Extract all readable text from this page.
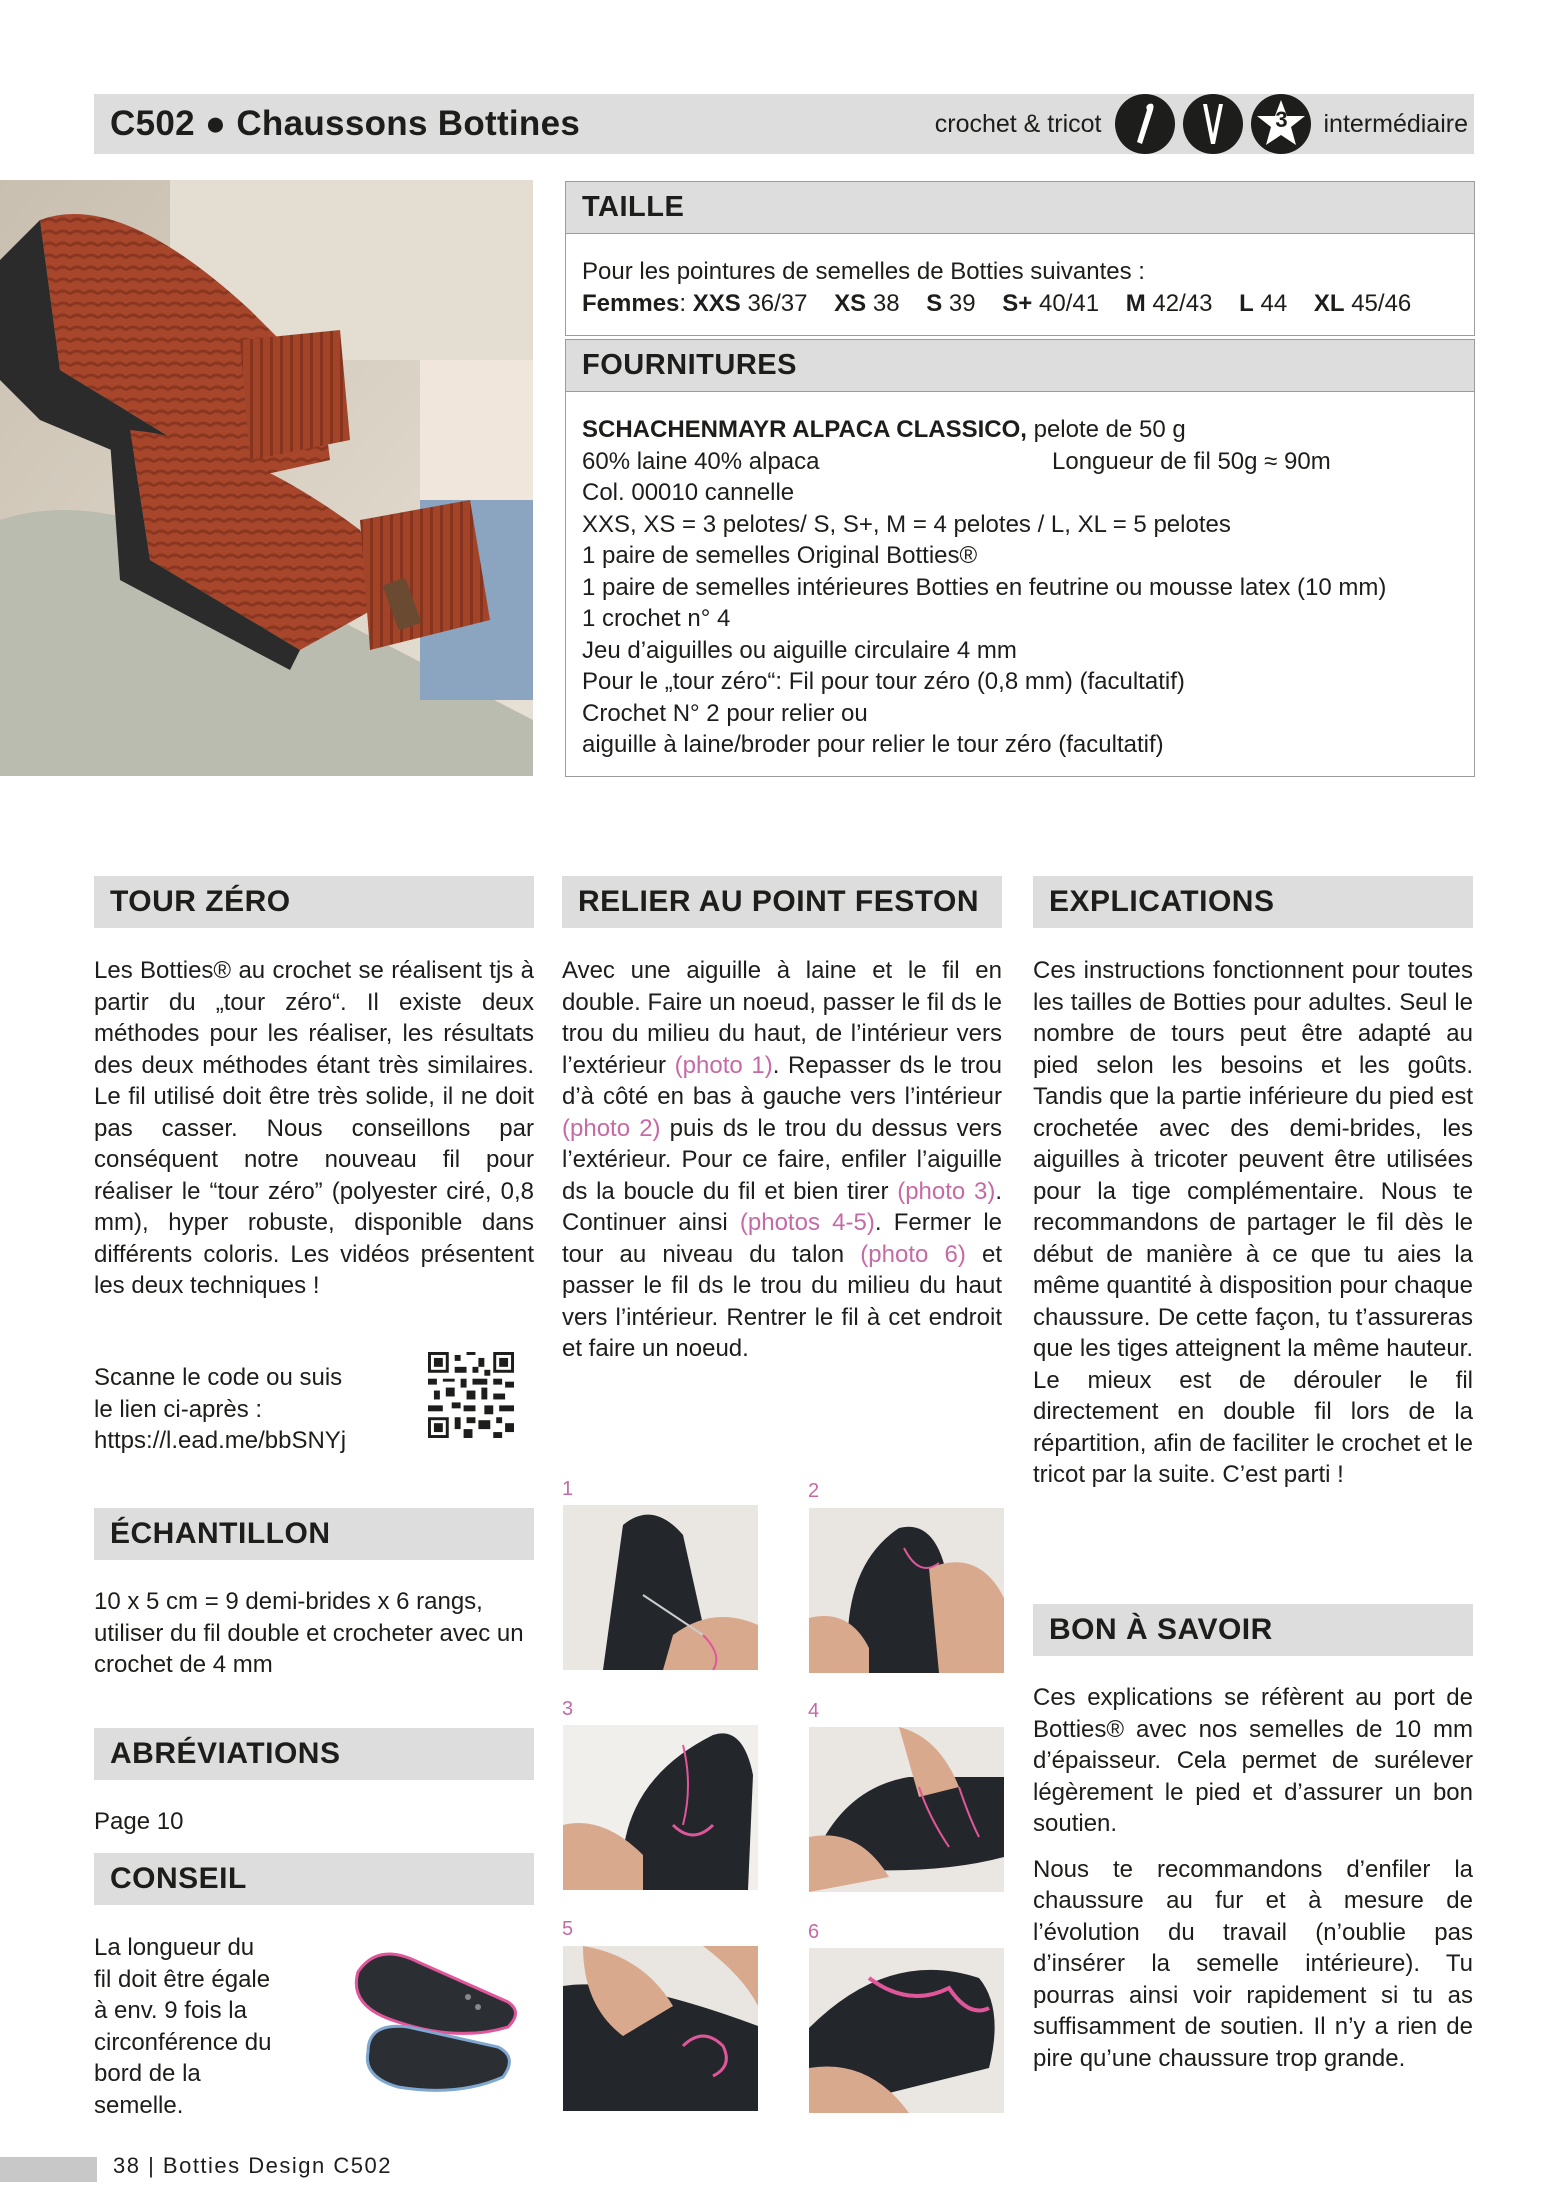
C502 ● Chaussons Bottines	crochet & tricot	3	intermédiaire
TAILLE
Pour les pointures de semelles de Botties suivantes :
Femmes: XXS 36/37 XS 38 S 39 S+ 40/41 M 42/43 L 44 XL 45/46
FOURNITURES
SCHACHENMAYR ALPACA CLASSICO, pelote de 50 g
60% laine 40% alpaca	Longueur de fil 50g ≈ 90m
Col. 00010 cannelle
XXS, XS = 3 pelotes/ S, S+, M = 4 pelotes / L, XL = 5 pelotes
1 paire de semelles Original Botties®
1 paire de semelles intérieures Botties en feutrine ou mousse latex (10 mm)
1 crochet n° 4
Jeu d’aiguilles ou aiguille circulaire 4 mm
Pour le „tour zéro“: Fil pour tour zéro (0,8 mm) (facultatif)
Crochet N° 2 pour relier ou
aiguille à laine/broder pour relier le tour zéro (facultatif)
TOUR ZÉRO
Les Botties® au crochet se réalisent tjs à partir du „tour zéro“. Il existe deux méthodes pour les réaliser, les résultats des deux méthodes étant très similaires. Le fil utilisé doit être très solide, il ne doit pas casser. Nous conseillons par conséquent notre nouveau fil pour réaliser le “tour zéro” (polyester ciré, 0,8 mm), hyper robuste, disponible dans différents coloris. Les vidéos présentent les deux techniques !
Scanne le code ou suis
le lien ci-après :
https://l.ead.me/bbSNYj
ÉCHANTILLON
10 x 5 cm = 9 demi-brides x 6 rangs, utiliser du fil double et crocheter avec un crochet de 4 mm
ABRÉVIATIONS
Page 10
CONSEIL
La longueur du
fil doit être égale
à env. 9 fois la
circonférence du
bord de la
semelle.
RELIER AU POINT FESTON
Avec une aiguille à laine et le fil en double. Faire un noeud, passer le fil ds le trou du milieu du haut, de l’intérieur vers l’extérieur (photo 1). Repasser ds le trou d’à côté en bas à gauche vers l’intérieur (photo 2) puis ds le trou du dessus vers l’extérieur. Pour ce faire, enfiler l’aiguille ds la boucle du fil et bien tirer (photo 3). Continuer ainsi (photos 4-5). Fermer le tour au niveau du talon (photo 6) et passer le fil ds le trou du milieu du haut vers l’intérieur. Rentrer le fil à cet endroit et faire un noeud.
1	2
3	4
5	6
EXPLICATIONS
Ces instructions fonctionnent pour toutes les tailles de Botties pour adultes. Seul le nombre de tours peut être adapté au pied selon les besoins et les goûts. Tandis que la partie inférieure du pied est crochetée avec des demi-brides, les aiguilles à tricoter peuvent être utilisées pour la tige complémentaire. Nous te recommandons de partager le fil dès le début de manière à ce que tu aies la même quantité à disposition pour chaque chaussure. De cette façon, tu t’assureras que les tiges atteignent la même hauteur. Le mieux est de dérouler le fil directement en double fil lors de la répartition, afin de faciliter le crochet et le tricot par la suite. C’est parti !
BON À SAVOIR
Ces explications se réfèrent au port de Botties® avec nos semelles de 10 mm d’épaisseur. Cela permet de surélever légèrement le pied et d’assurer un bon soutien.
Nous te recommandons d’enfiler la chaussure au fur et à mesure de l’évolution du travail (n’oublie pas d’insérer la semelle intérieure). Tu pourras ainsi voir rapidement si tu as suffisamment de soutien. Il n’y a rien de pire qu’une chaussure trop grande.
38 | Botties Design C502
